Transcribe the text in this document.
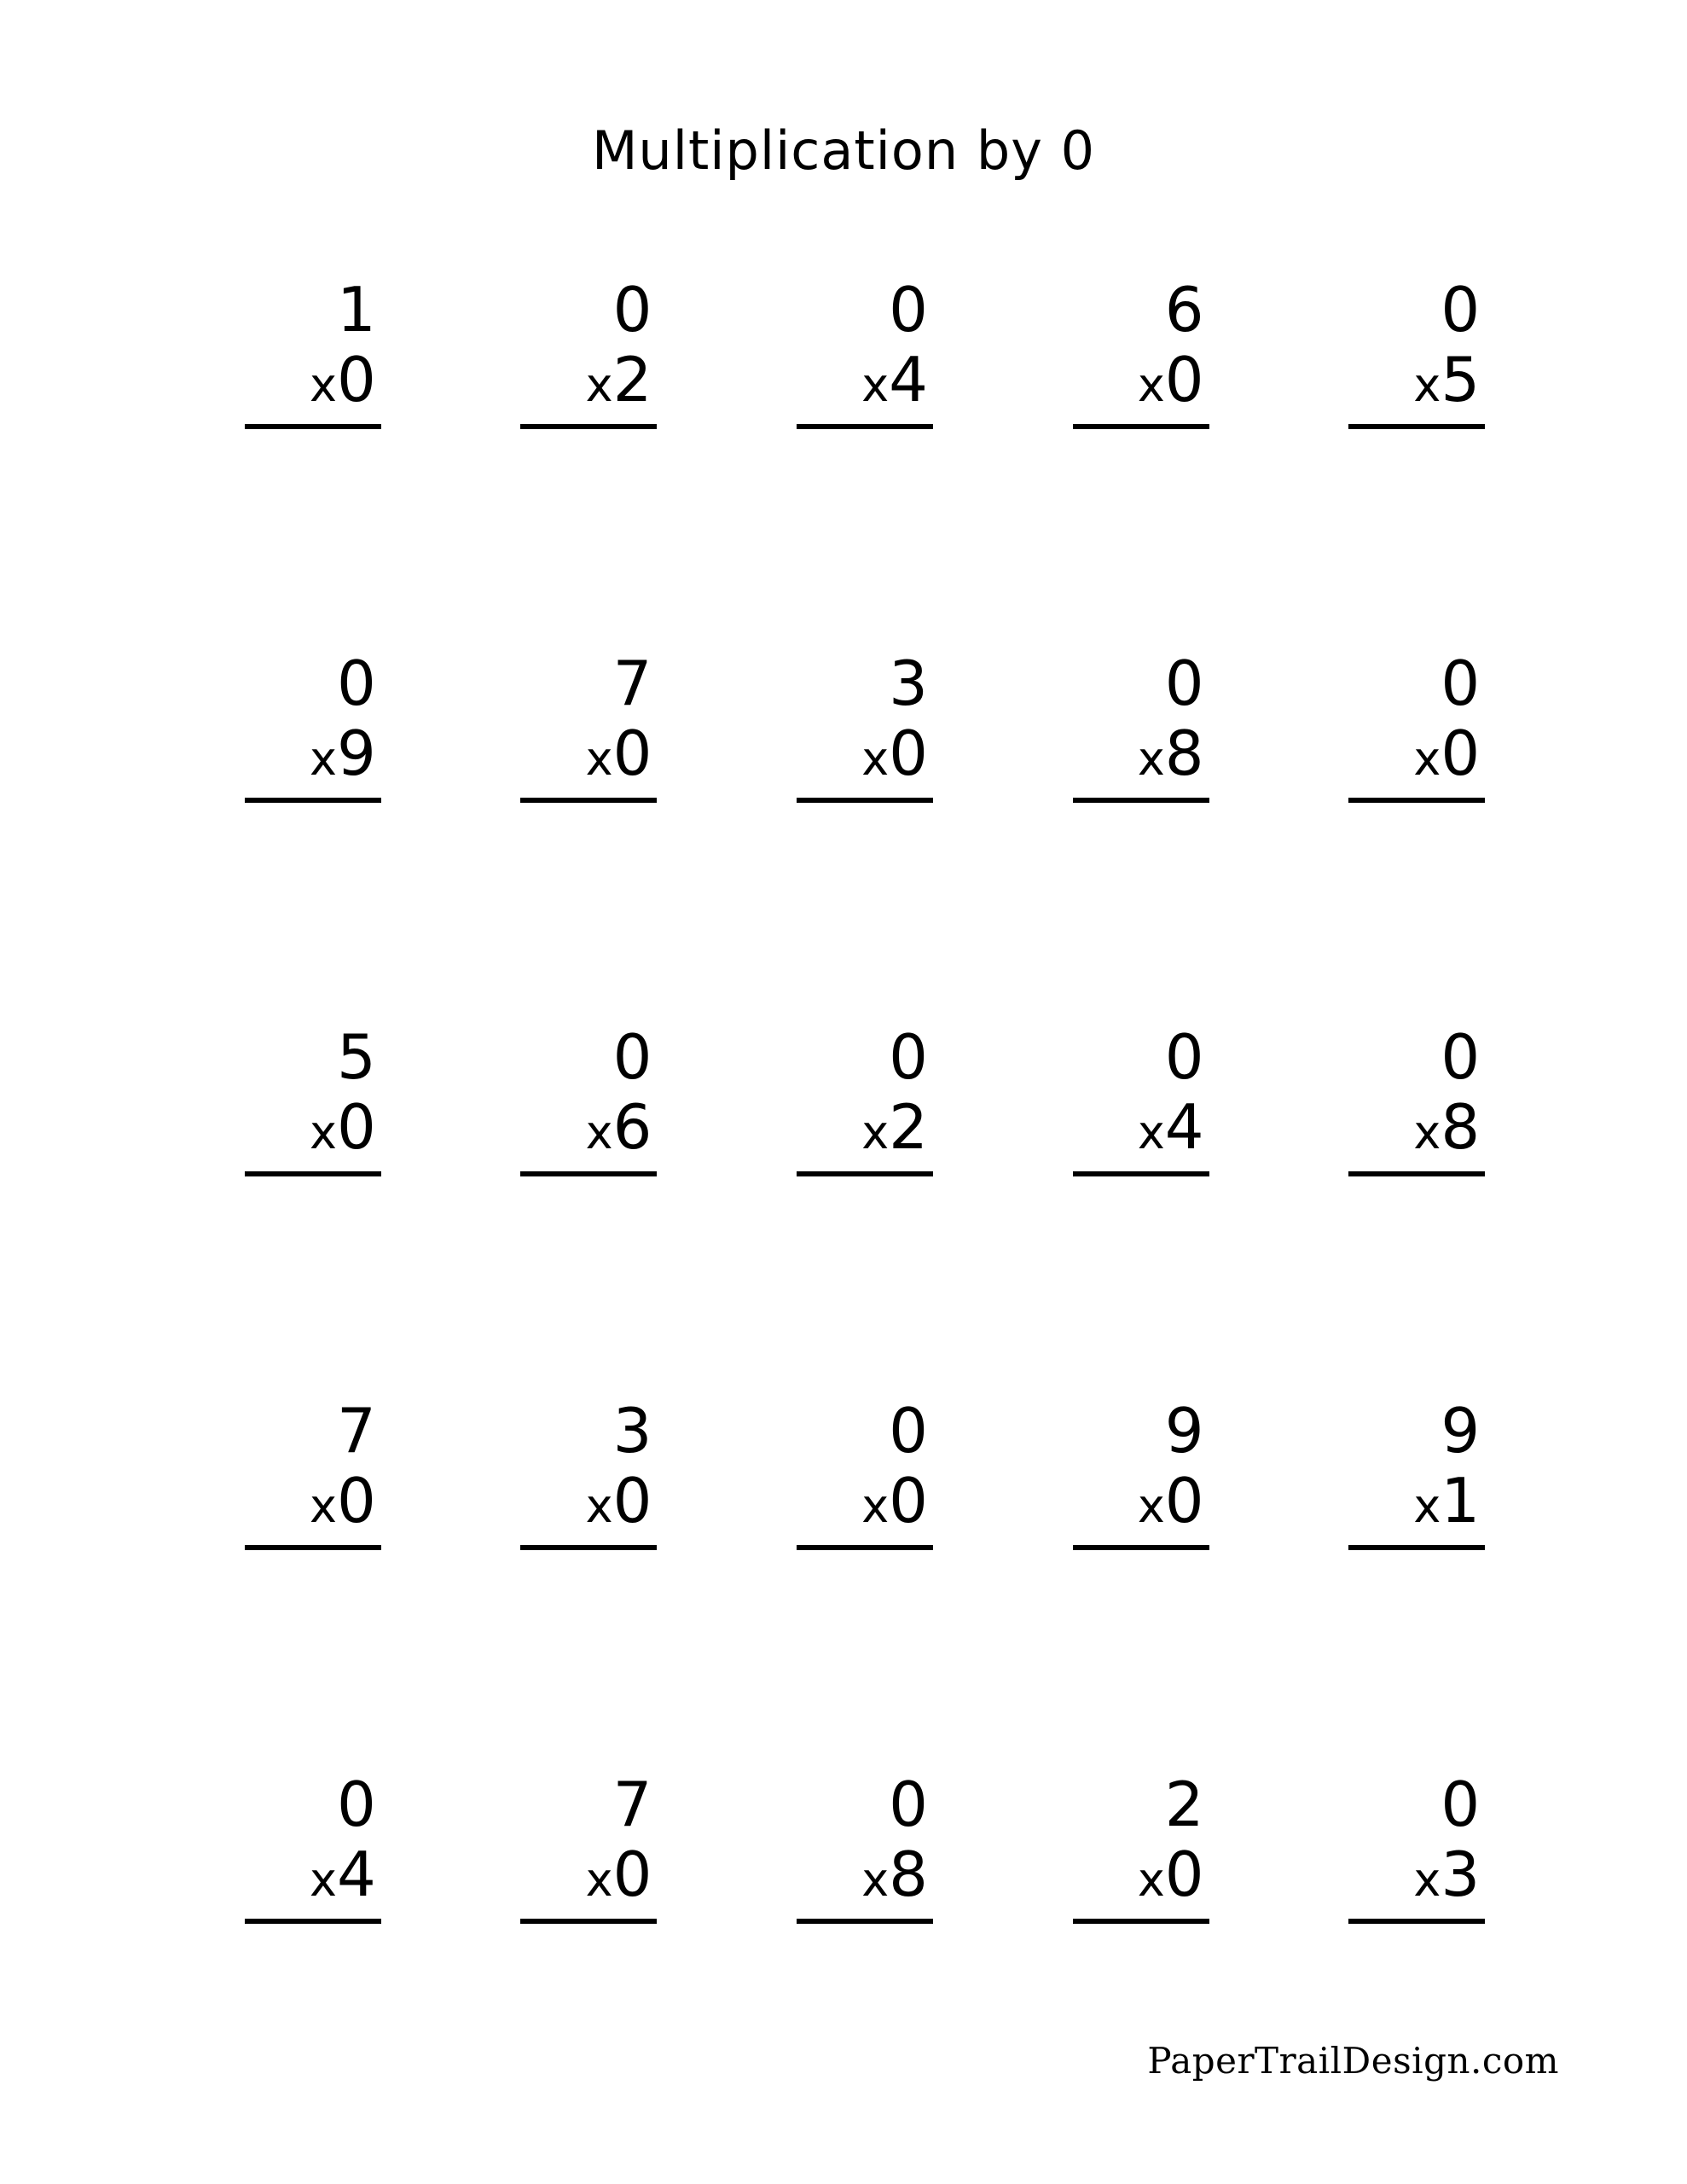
Multiplication by 0
1
x 0
0
x 2
0
x 4
6
x 0
0
x 5
0
x 9
7
x 0
3
x 0
0
x 8
0
x 0
5
x 0
0
x 6
0
x 2
0
x 4
0
x 8
7
x 0
3
x 0
0
x 0
9
x 0
9
x 1
0
x 4
7
x 0
0
x 8
2
x 0
0
x 3
PaperTrailDesign.com
